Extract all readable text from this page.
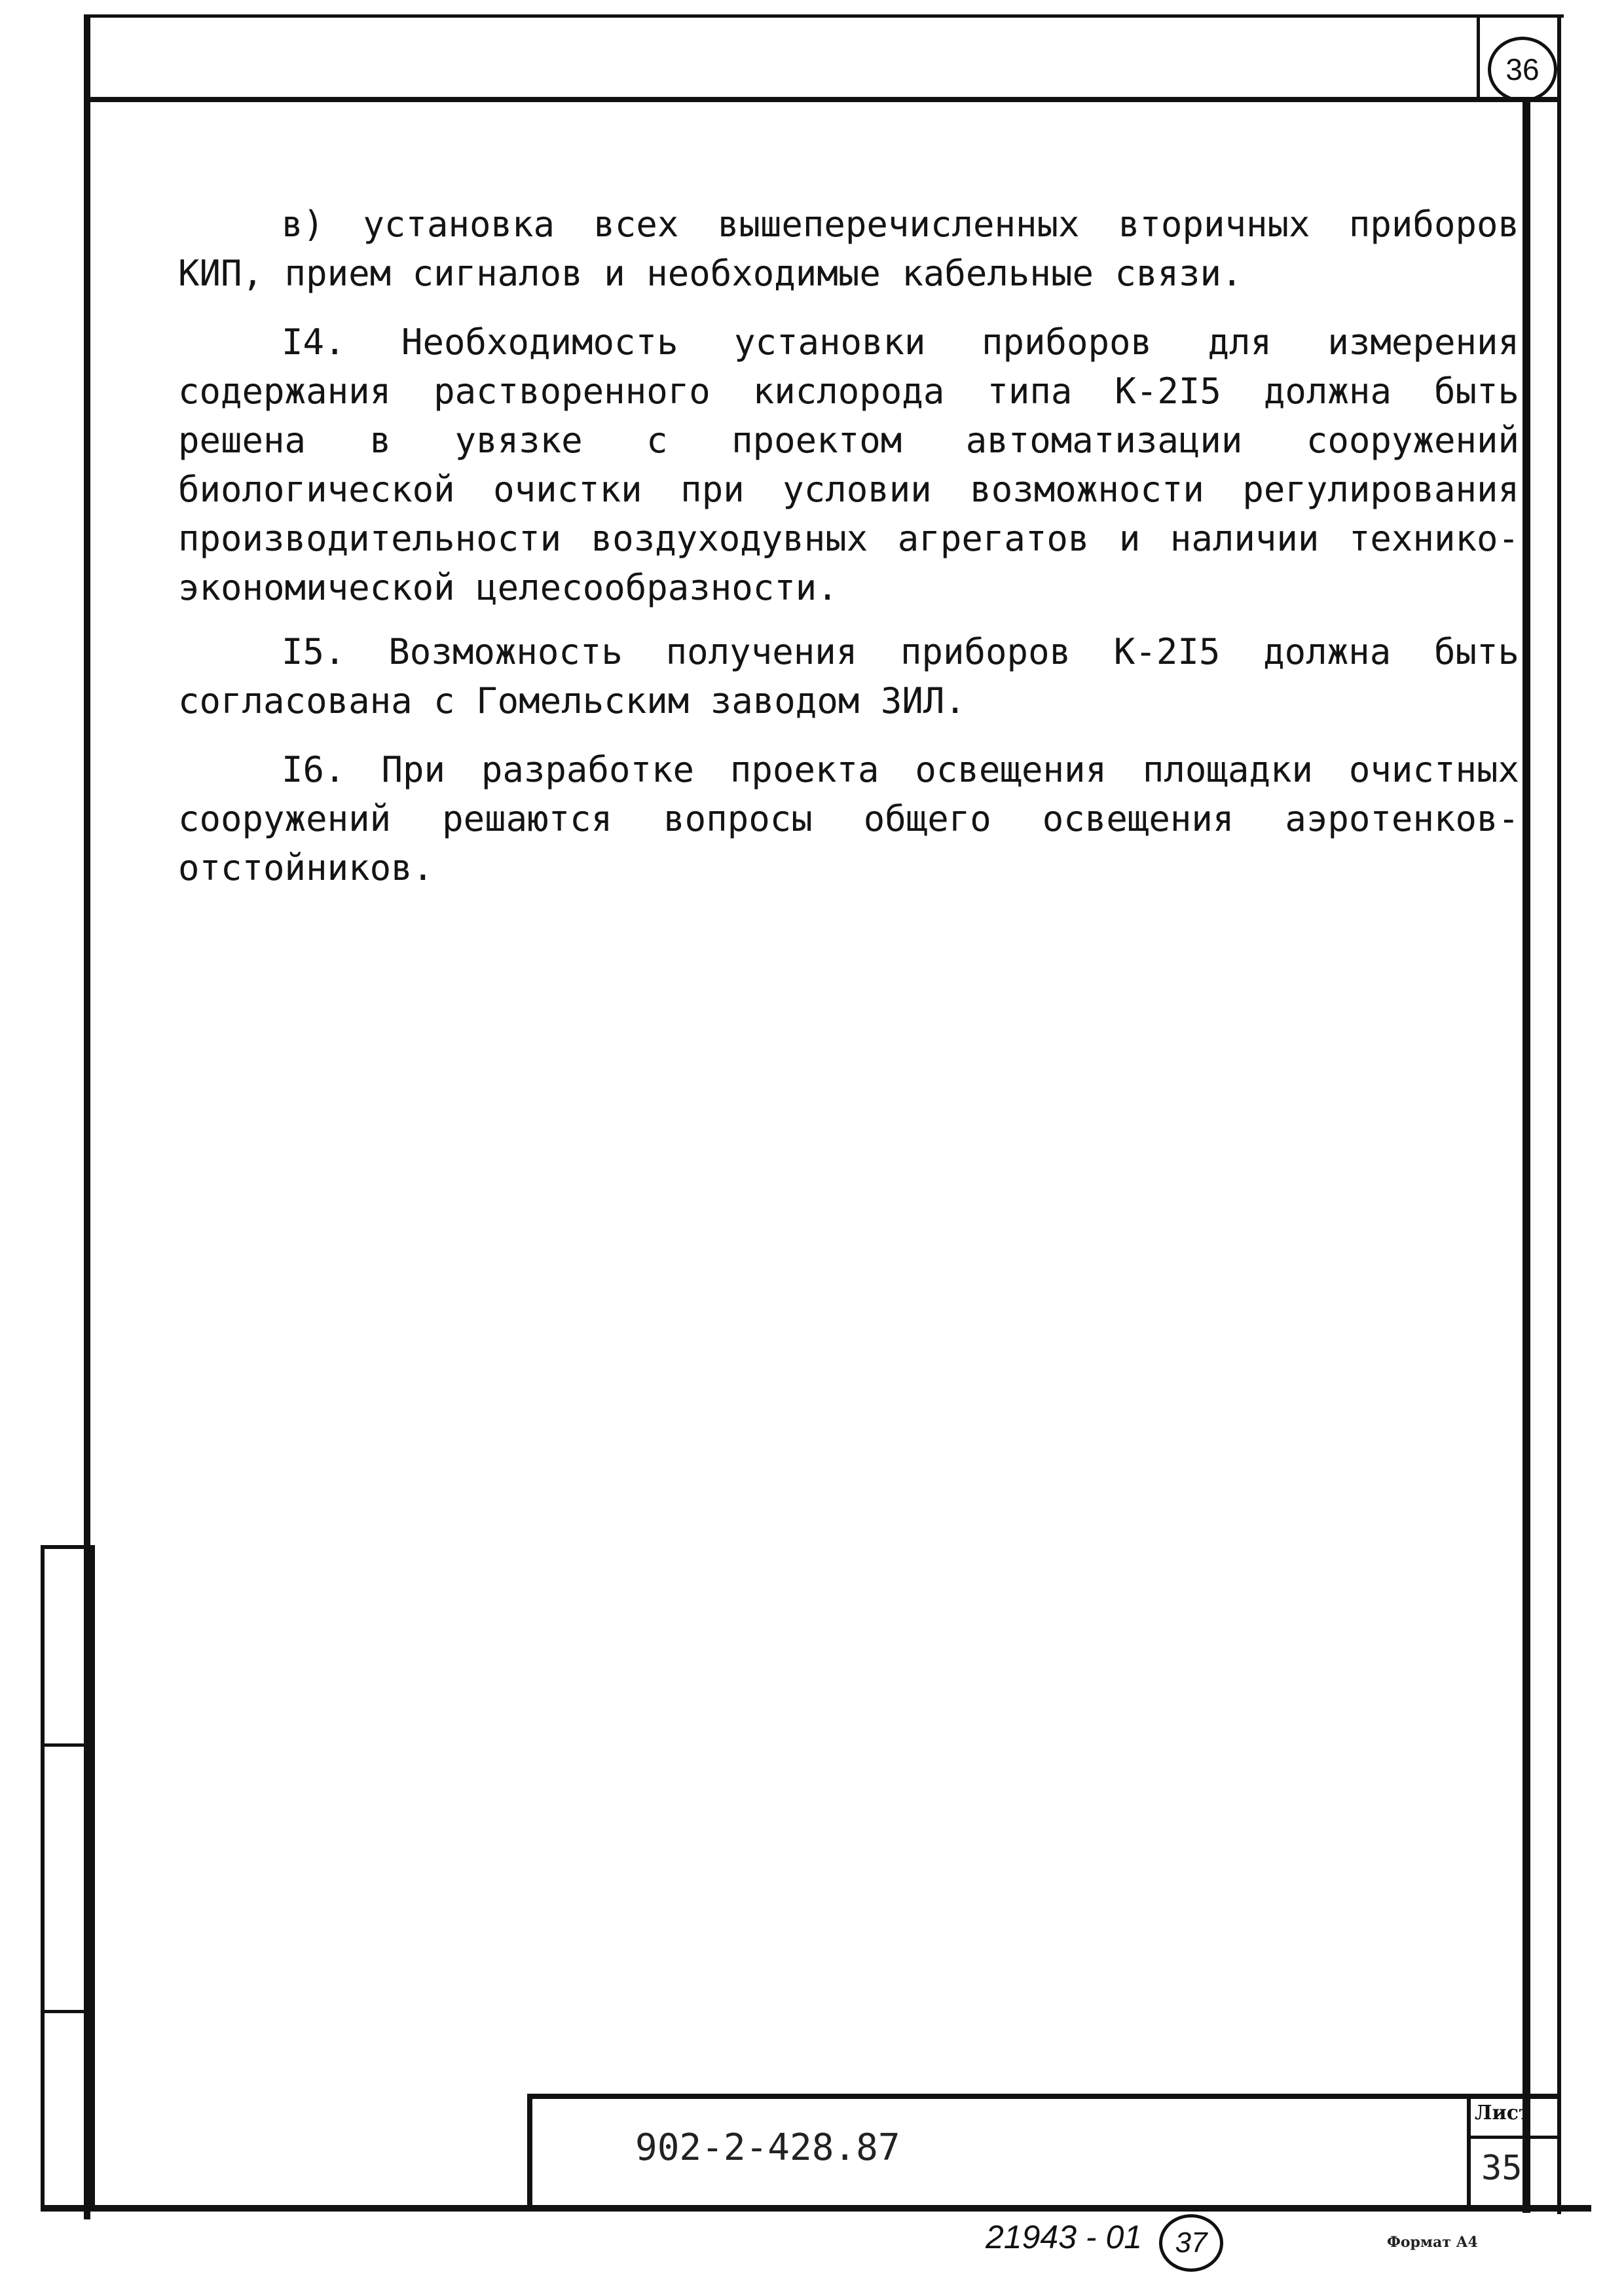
36

в) установка всех вышеперечисленных вторичных приборов КИП, прием сигналов и необходимые кабельные связи.

I4. Необходимость установки приборов для измерения содержания растворенного кислорода типа К-2I5 должна быть решена в увязке с проектом автоматизации сооружений биологической очистки при условии возможности регулирования производительности воздуходувных агрегатов и наличии технико-экономической целесообразности.

I5. Возможность получения приборов К-2I5 должна быть согласована с Гомельским заводом ЗИЛ.

I6. При разработке проекта освещения площадки очистных сооружений решаются вопросы общего освещения аэротенков-отстойников.

902-2-428.87
Лист
35
21943 - 01 37	Формат А4
